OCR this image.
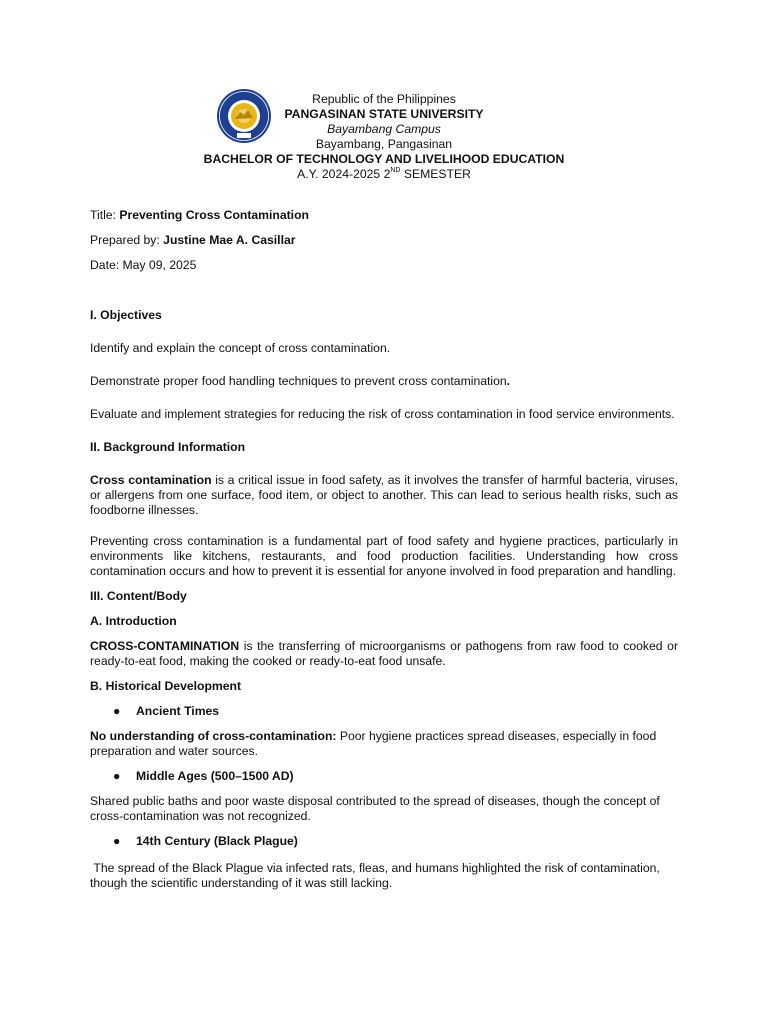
Republic of the Philippines
PANGASINAN STATE UNIVERSITY
Bayambang Campus
Bayambang, Pangasinan
BACHELOR OF TECHNOLOGY AND LIVELIHOOD EDUCATION
A.Y. 2024-2025 2ND SEMESTER

Title: Preventing Cross Contamination

Prepared by: Justine Mae A. Casillar

Date: May 09, 2025

I. Objectives

Identify and explain the concept of cross contamination.

Demonstrate proper food handling techniques to prevent cross contamination.

Evaluate and implement strategies for reducing the risk of cross contamination in food service environments.

II. Background Information

Cross contamination is a critical issue in food safety, as it involves the transfer of harmful bacteria, viruses, or allergens from one surface, food item, or object to another. This can lead to serious health risks, such as foodborne illnesses.

Preventing cross contamination is a fundamental part of food safety and hygiene practices, particularly in environments like kitchens, restaurants, and food production facilities. Understanding how cross contamination occurs and how to prevent it is essential for anyone involved in food preparation and handling.

III. Content/Body

A. Introduction

CROSS-CONTAMINATION is the transferring of microorganisms or pathogens from raw food to cooked or ready-to-eat food, making the cooked or ready-to-eat food unsafe.

B. Historical Development

● Ancient Times

No understanding of cross-contamination: Poor hygiene practices spread diseases, especially in food preparation and water sources.

● Middle Ages (500–1500 AD)

Shared public baths and poor waste disposal contributed to the spread of diseases, though the concept of cross-contamination was not recognized.

● 14th Century (Black Plague)

The spread of the Black Plague via infected rats, fleas, and humans highlighted the risk of contamination, though the scientific understanding of it was still lacking.
